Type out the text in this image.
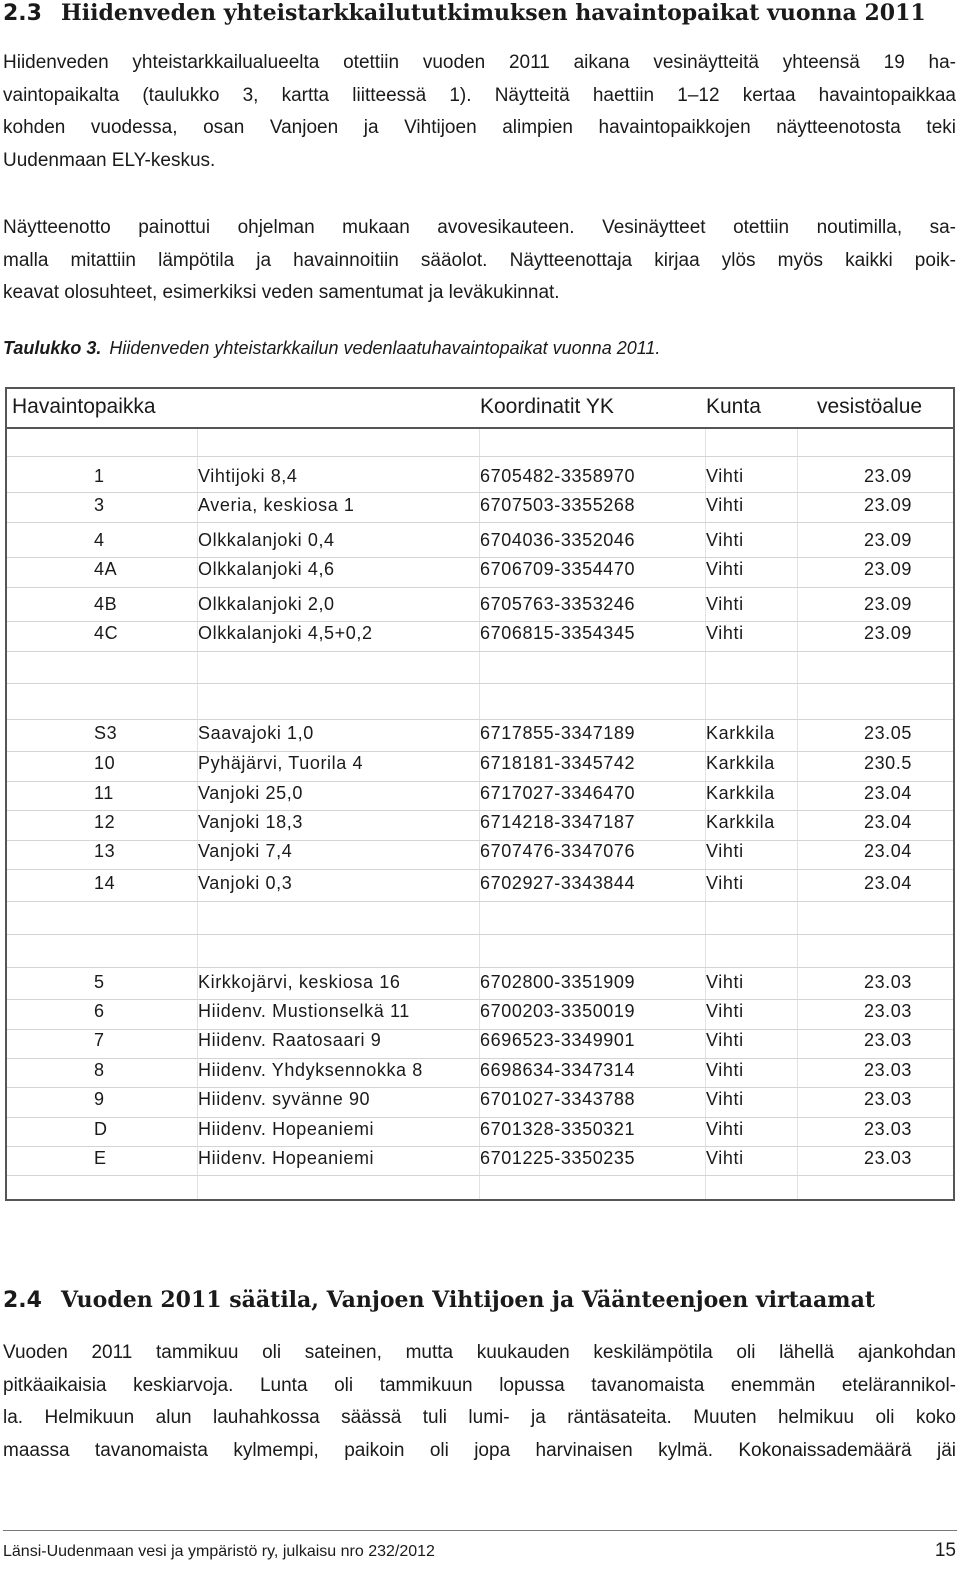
2.3 Hiidenveden yhteistarkkailututkimuksen havaintopaikat vuonna 2011
Hiidenveden yhteistarkkailualueelta otettiin vuoden 2011 aikana vesinäytteitä yhteensä 19 ha-
vaintopaikalta (taulukko 3, kartta liitteessä 1). Näytteitä haettiin 1–12 kertaa havaintopaikkaa
kohden vuodessa, osan Vanjoen ja Vihtijoen alimpien havaintopaikkojen näytteenotosta teki
Uudenmaan ELY-keskus.
Näytteenotto painottui ohjelman mukaan avovesikauteen. Vesinäytteet otettiin noutimilla, sa-
malla mitattiin lämpötila ja havainnoitiin sääolot. Näytteenottaja kirjaa ylös myös kaikki poik-
keavat olosuhteet, esimerkiksi veden samentumat ja leväkukinnat.
Taulukko 3. Hiidenveden yhteistarkkailun vedenlaatuhavaintopaikat vuonna 2011.
Havaintopaikka	Koordinatit YK	Kunta	vesistöalue
1	Vihtijoki 8,4	6705482-3358970	Vihti	23.09
3	Averia, keskiosa 1	6707503-3355268	Vihti	23.09
4	Olkkalanjoki 0,4	6704036-3352046	Vihti	23.09
4A	Olkkalanjoki 4,6	6706709-3354470	Vihti	23.09
4B	Olkkalanjoki 2,0	6705763-3353246	Vihti	23.09
4C	Olkkalanjoki 4,5+0,2	6706815-3354345	Vihti	23.09
S3	Saavajoki 1,0	6717855-3347189	Karkkila	23.05
10	Pyhäjärvi, Tuorila 4	6718181-3345742	Karkkila	230.5
11	Vanjoki 25,0	6717027-3346470	Karkkila	23.04
12	Vanjoki 18,3	6714218-3347187	Karkkila	23.04
13	Vanjoki 7,4	6707476-3347076	Vihti	23.04
14	Vanjoki 0,3	6702927-3343844	Vihti	23.04
5	Kirkkojärvi, keskiosa 16	6702800-3351909	Vihti	23.03
6	Hiidenv. Mustionselkä 11	6700203-3350019	Vihti	23.03
7	Hiidenv. Raatosaari 9	6696523-3349901	Vihti	23.03
8	Hiidenv. Yhdyksennokka 8	6698634-3347314	Vihti	23.03
9	Hiidenv. syvänne 90	6701027-3343788	Vihti	23.03
D	Hiidenv. Hopeaniemi	6701328-3350321	Vihti	23.03
E	Hiidenv. Hopeaniemi	6701225-3350235	Vihti	23.03
2.4 Vuoden 2011 säätila, Vanjoen Vihtijoen ja Väänteenjoen virtaamat
Vuoden 2011 tammikuu oli sateinen, mutta kuukauden keskilämpötila oli lähellä ajankohdan
pitkäaikaisia keskiarvoja. Lunta oli tammikuun lopussa tavanomaista enemmän etelärannikol-
la. Helmikuun alun lauhahkossa säässä tuli lumi- ja räntäsateita. Muuten helmikuu oli koko
maassa tavanomaista kylmempi, paikoin oli jopa harvinaisen kylmä. Kokonaissademäärä jäi
Länsi-Uudenmaan vesi ja ympäristö ry, julkaisu nro 232/2012	15
